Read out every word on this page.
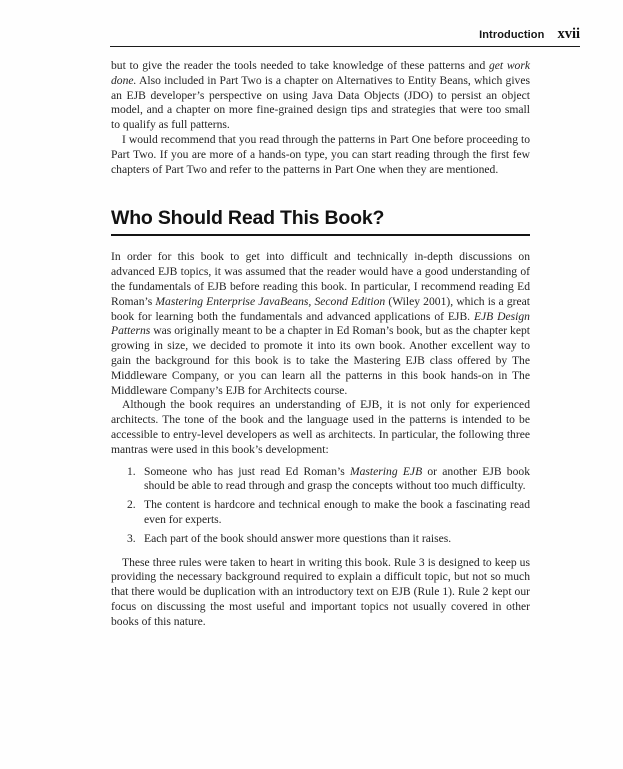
Introduction xvii

but to give the reader the tools needed to take knowledge of these patterns and get work done. Also included in Part Two is a chapter on Alternatives to Entity Beans, which gives an EJB developer’s perspective on using Java Data Objects (JDO) to persist an object model, and a chapter on more fine-grained design tips and strategies that were too small to qualify as full patterns.

I would recommend that you read through the patterns in Part One before proceeding to Part Two. If you are more of a hands-on type, you can start reading through the first few chapters of Part Two and refer to the patterns in Part One when they are mentioned.

Who Should Read This Book?

In order for this book to get into difficult and technically in-depth discussions on advanced EJB topics, it was assumed that the reader would have a good understanding of the fundamentals of EJB before reading this book. In particular, I recommend reading Ed Roman’s Mastering Enterprise JavaBeans, Second Edition (Wiley 2001), which is a great book for learning both the fundamentals and advanced applications of EJB. EJB Design Patterns was originally meant to be a chapter in Ed Roman’s book, but as the chapter kept growing in size, we decided to promote it into its own book. Another excellent way to gain the background for this book is to take the Mastering EJB class offered by The Middleware Company, or you can learn all the patterns in this book hands-on in The Middleware Company’s EJB for Architects course.

Although the book requires an understanding of EJB, it is not only for experienced architects. The tone of the book and the language used in the patterns is intended to be accessible to entry-level developers as well as architects. In particular, the following three mantras were used in this book’s development:

1. Someone who has just read Ed Roman’s Mastering EJB or another EJB book should be able to read through and grasp the concepts without too much difficulty.
2. The content is hardcore and technical enough to make the book a fascinating read even for experts.
3. Each part of the book should answer more questions than it raises.

These three rules were taken to heart in writing this book. Rule 3 is designed to keep us providing the necessary background required to explain a difficult topic, but not so much that there would be duplication with an introductory text on EJB (Rule 1). Rule 2 kept our focus on discussing the most useful and important topics not usually covered in other books of this nature.
